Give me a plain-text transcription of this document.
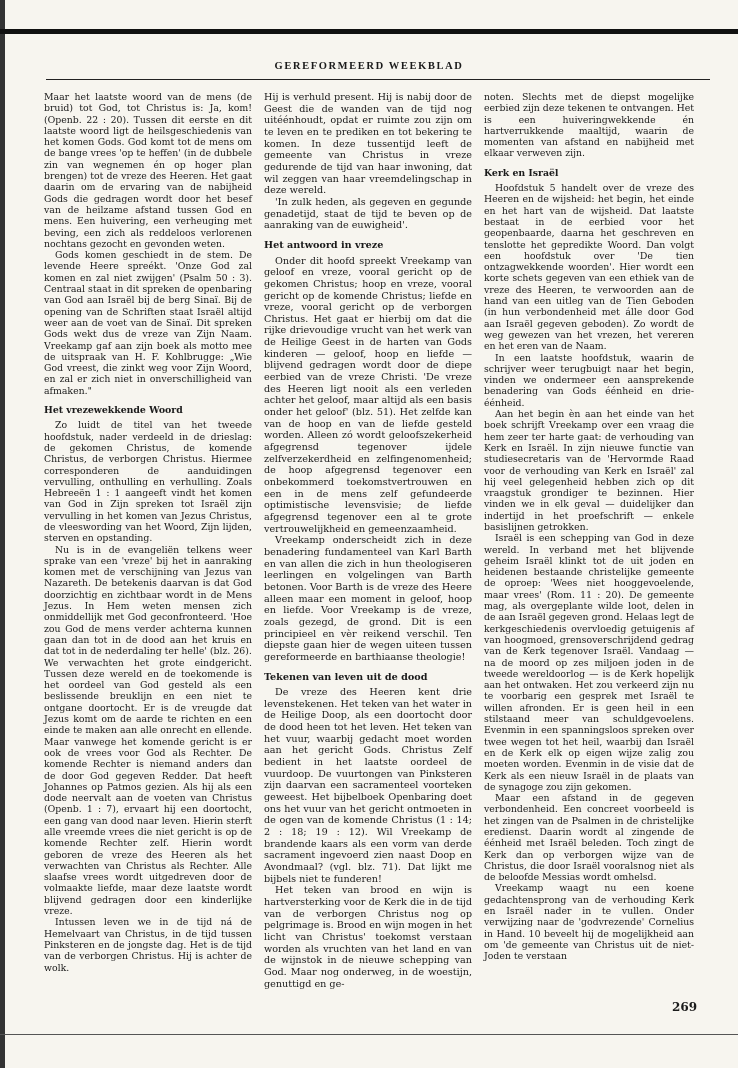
GEREFORMEERD WEEKBLAD

Maar het laatste woord van de mens (de bruid) tot God, tot Christus is: Ja, kom! (Openb. 22 : 20). Tussen dit eerste en dit laatste woord ligt de heilsgeschiedenis van het komen Gods. God komt tot de mens om de bange vrees 'op te heffen' (in de dubbele zin van wegnemen én op hoger plan brengen) tot de vreze des Heeren. Het gaat daarin om de ervaring van de nabijheid Gods die gedragen wordt door het besef van de heilzame afstand tussen God en mens. Een huivering, een verheuging met beving, een zich als reddeloos verlorenen nochtans gezocht en gevonden weten.

Gods komen geschiedt in de stem. De levende Heere spreékt. 'Onze God zal komen en zal niet zwijgen' (Psalm 50 : 3). Centraal staat in dit spreken de openbaring van God aan Israël bij de berg Sinaï. Bij de opening van de Schriften staat Israël altijd weer aan de voet van de Sinaï. Dit spreken Gods wekt dus de vreze van Zijn Naam. Vreekamp gaf aan zijn boek als motto mee de uitspraak van H. F. Kohlbrugge: „Wie God vreest, die zinkt weg voor Zijn Woord, en zal er zich niet in onverschilligheid van afmaken."

Het vrezewekkende Woord

Zo luidt de titel van het tweede hoofdstuk, nader verdeeld in de drieslag: de gekomen Christus, de komende Christus, de verborgen Christus. Hiermee corresponderen de aanduidingen vervulling, onthulling en verhulling. Zoals Hebreeën 1 : 1 aangeeft vindt het komen van God in Zijn spreken tot Israël zijn vervulling in het komen van Jezus Christus, de vleeswording van het Woord, Zijn lijden, sterven en opstanding.

Nu is in de evangeliën telkens weer sprake van een 'vreze' bij het in aanraking komen met de verschijning van Jezus van Nazareth. De betekenis daarvan is dat God doorzichtig en zichtbaar wordt in de Mens Jezus. In Hem weten mensen zich onmiddellijk met God geconfronteerd. 'Hoe zou God de mens verder achterna kunnen gaan dan tot in de dood aan het kruis en dat tot in de nederdaling ter helle' (blz. 26).

We verwachten het grote eindgericht. Tussen deze wereld en de toekomende is het oordeel van God gesteld als een beslissende breuklijn en een niet te ontgane doortocht. Er is de vreugde dat Jezus komt om de aarde te richten en een einde te maken aan alle onrecht en ellende. Maar vanwege het komende gericht is er ook de vrees voor God als Rechter. De komende Rechter is niemand anders dan de door God gegeven Redder. Dat heeft Johannes op Patmos gezien. Als hij als een dode neervalt aan de voeten van Christus (Openb. 1 : 7), ervaart hij een doortocht, een gang van dood naar leven. Hierin sterft alle vreemde vrees die niet gericht is op de komende Rechter zelf. Hierin wordt geboren de vreze des Heeren als het verwachten van Christus als Rechter. Alle slaafse vrees wordt uitgedreven door de volmaakte liefde, maar deze laatste wordt blijvend gedragen door een kinderlijke vreze.

Intussen leven we in de tijd ná de Hemelvaart van Christus, in de tijd tussen Pinksteren en de jongste dag. Het is de tijd van de verborgen Christus. Hij is achter de wolk.

Hij is verhuld present. Hij is nabij door de Geest die de wanden van de tijd nog uitéénhoudt, opdat er ruimte zou zijn om te leven en te prediken en tot bekering te komen. In deze tussentijd leeft de gemeente van Christus in vreze gedurende de tijd van haar inwoning, dat wil zeggen van haar vreemdelingschap in deze wereld.

'In zulk heden, als gegeven en gegunde genadetijd, staat de tijd te beven op de aanraking van de euwigheid'.

Het antwoord in vreze

Onder dit hoofd spreekt Vreekamp van geloof en vreze, vooral gericht op de gekomen Christus; hoop en vreze, vooral gericht op de komende Christus; liefde en vreze, vooral gericht op de verborgen Christus. Het gaat er hierbij om dat die rijke drievoudige vrucht van het werk van de Heilige Geest in de harten van Gods kinderen — geloof, hoop en liefde — blijvend gedragen wordt door de diepe eerbied van de vreze Christi. 'De vreze des Heeren ligt nooit als een verleden achter het geloof, maar altijd als een basis onder het geloof' (blz. 51). Het zelfde kan van de hoop en van de liefde gesteld worden. Alleen zó wordt geloofszekerheid afgegrensd tegenover ijdele zelfverzekerdheid en zelfingenomenheid; de hoop afgegrensd tegenover een onbekommerd toekomstvertrouwen en een in de mens zelf gefundeerde optimistische levensvisie; de liefde afgegrensd tegenover een al te grote vertrouwelijkheid en gemeenzaamheid.

Vreekamp onderscheidt zich in deze benadering fundamenteel van Karl Barth en van allen die zich in hun theologiseren leerlingen en volgelingen van Barth betonen. Voor Barth is de vreze des Heere alleen maar een moment in geloof, hoop en liefde. Voor Vreekamp is de vreze, zoals gezegd, de grond. Dit is een principieel en vèr reikend verschil. Ten diepste gaan hier de wegen uiteen tussen gereformeerde en barthiaanse theologie!

Tekenen van leven uit de dood

De vreze des Heeren kent drie levenstekenen. Het teken van het water in de Heilige Doop, als een doortocht door de dood heen tot het leven. Het teken van het vuur, waarbij gedacht moet worden aan het gericht Gods. Christus Zelf bedient in het laatste oordeel de vuurdoop. De vuurtongen van Pinksteren zijn daarvan een sacramenteel voorteken geweest. Het bijbelboek Openbaring doet ons het vuur van het gericht ontmoeten in de ogen van de komende Christus (1 : 14; 2 : 18; 19 : 12). Wil Vreekamp de brandende kaars als een vorm van derde sacrament ingevoerd zien naast Doop en Avondmaal? (vgl. blz. 71). Dat lijkt me bijbels niet te funderen!

Het teken van brood en wijn is hartversterking voor de Kerk die in de tijd van de verborgen Christus nog op pelgrimage is. Brood en wijn mogen in het licht van Christus' toekomst verstaan worden als vruchten van het land en van de wijnstok in de nieuwe schepping van God. Maar nog onderweg, in de woestijn, genuttigd en ge-

noten. Slechts met de diepst mogelijke eerbied zijn deze tekenen te ontvangen. Het is een huiveringwekkende én hartverrukkende maaltijd, waarin de momenten van afstand en nabijheid met elkaar verweven zijn.

Kerk en Israël

Hoofdstuk 5 handelt over de vreze des Heeren en de wijsheid: het begin, het einde en het hart van de wijsheid. Dat laatste bestaat in de eerbied voor het geopenbaarde, daarna het geschreven en tenslotte het gepredikte Woord. Dan volgt een hoofdstuk over 'De tien ontzagwekkende woorden'. Hier wordt een korte schets gegeven van een ethiek van de vreze des Heeren, te verwoorden aan de hand van een uitleg van de Tien Geboden (in hun verbondenheid met álle door God aan Israël gegeven geboden). Zo wordt de weg gewezen van het vrezen, het vereren en het eren van de Naam.

In een laatste hoofdstuk, waarin de schrijver weer terugbuigt naar het begin, vinden we ondermeer een aansprekende benadering van Gods éénheid en drie-éénheid.

Aan het begin èn aan het einde van het boek schrijft Vreekamp over een vraag die hem zeer ter harte gaat: de verhouding van Kerk en Israël. In zijn nieuwe functie van studiesecretaris van de 'Hervormde Raad voor de verhouding van Kerk en Israël' zal hij veel gelegenheid hebben zich op dit vraagstuk grondiger te bezinnen. Hier vinden we in elk geval — duidelijker dan indertijd in het proefschrift — enkele basislijnen getrokken.

Israël is een schepping van God in deze wereld. In verband met het blijvende geheim Israël klinkt tot de uit joden en heidenen bestaande christelijke gemeente de oproep: 'Wees niet hooggevoelende, maar vrees' (Rom. 11 : 20). De gemeente mag, als overgeplante wilde loot, delen in de aan Israël gegeven grond. Helaas legt de kerkgeschiedenis overvloedig getuigenis af van hoogmoed, grensoverschrijdend gedrag van de Kerk tegenover Israël. Vandaag — na de moord op zes miljoen joden in de tweede wereldoorlog — is de Kerk hopelijk aan het ontwaken. Het zou verkeerd zijn nu te voorbarig een gesprek met Israël te willen afronden. Er is geen heil in een stilstaand meer van schuldgevoelens. Evenmin in een spanningsloos spreken over twee wegen tot het heil, waarbij dan Israël en de Kerk elk op eigen wijze zalig zou moeten worden. Evenmin in de visie dat de Kerk als een nieuw Israël in de plaats van de synagoge zou zijn gekomen.

Maar een afstand in de gegeven verbondenheid. Een concreet voorbeeld is het zingen van de Psalmen in de christelijke eredienst. Daarin wordt al zingende de éénheid met Israël beleden. Toch zingt de Kerk dan op verborgen wijze van de Christus, die door Israël vooralsnog niet als de beloofde Messias wordt omhelsd.

Vreekamp waagt nu een koene gedachtensprong van de verhouding Kerk en Israël nader in te vullen. Onder verwijzing naar de 'godvrezende' Cornelius in Hand. 10 beveelt hij de mogelijkheid aan om 'de gemeente van Christus uit de niet-Joden te verstaan

269
